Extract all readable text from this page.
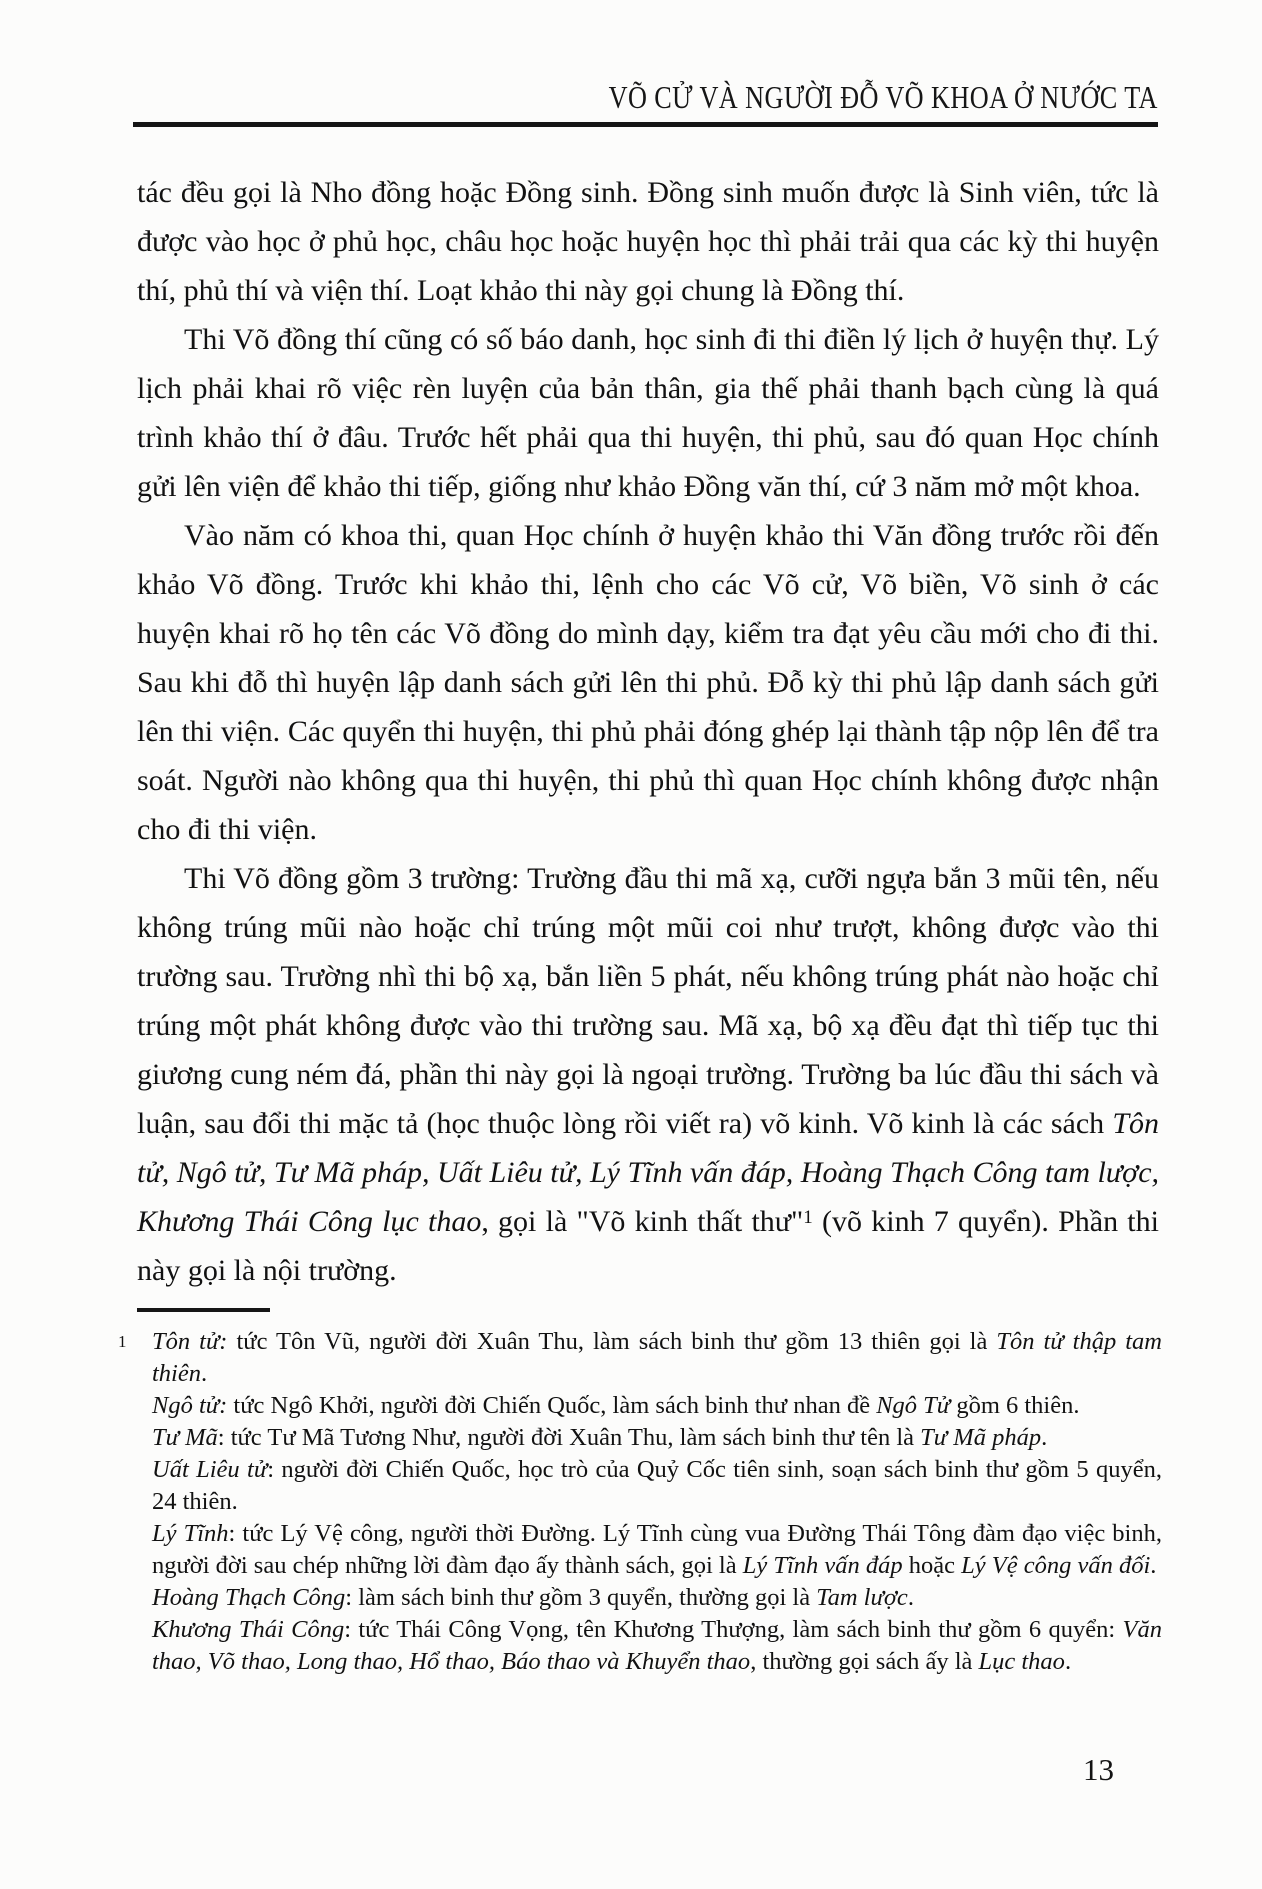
VÕ CỬ VÀ NGƯỜI ĐỖ VÕ KHOA Ở NƯỚC TA

tác đều gọi là Nho đồng hoặc Đồng sinh. Đồng sinh muốn được là Sinh viên, tức là được vào học ở phủ học, châu học hoặc huyện học thì phải trải qua các kỳ thi huyện thí, phủ thí và viện thí. Loạt khảo thi này gọi chung là Đồng thí.

Thi Võ đồng thí cũng có số báo danh, học sinh đi thi điền lý lịch ở huyện thự. Lý lịch phải khai rõ việc rèn luyện của bản thân, gia thế phải thanh bạch cùng là quá trình khảo thí ở đâu. Trước hết phải qua thi huyện, thi phủ, sau đó quan Học chính gửi lên viện để khảo thi tiếp, giống như khảo Đồng văn thí, cứ 3 năm mở một khoa.

Vào năm có khoa thi, quan Học chính ở huyện khảo thi Văn đồng trước rồi đến khảo Võ đồng. Trước khi khảo thi, lệnh cho các Võ cử, Võ biền, Võ sinh ở các huyện khai rõ họ tên các Võ đồng do mình dạy, kiểm tra đạt yêu cầu mới cho đi thi. Sau khi đỗ thì huyện lập danh sách gửi lên thi phủ. Đỗ kỳ thi phủ lập danh sách gửi lên thi viện. Các quyển thi huyện, thi phủ phải đóng ghép lại thành tập nộp lên để tra soát. Người nào không qua thi huyện, thi phủ thì quan Học chính không được nhận cho đi thi viện.

Thi Võ đồng gồm 3 trường: Trường đầu thi mã xạ, cưỡi ngựa bắn 3 mũi tên, nếu không trúng mũi nào hoặc chỉ trúng một mũi coi như trượt, không được vào thi trường sau. Trường nhì thi bộ xạ, bắn liền 5 phát, nếu không trúng phát nào hoặc chỉ trúng một phát không được vào thi trường sau. Mã xạ, bộ xạ đều đạt thì tiếp tục thi giương cung ném đá, phần thi này gọi là ngoại trường. Trường ba lúc đầu thi sách và luận, sau đổi thi mặc tả (học thuộc lòng rồi viết ra) võ kinh. Võ kinh là các sách Tôn tử, Ngô tử, Tư Mã pháp, Uất Liêu tử, Lý Tĩnh vấn đáp, Hoàng Thạch Công tam lược, Khương Thái Công lục thao, gọi là "Võ kinh thất thư"$^1$ (võ kinh 7 quyển). Phần thi này gọi là nội trường.

1 Tôn tử: tức Tôn Vũ, người đời Xuân Thu, làm sách binh thư gồm 13 thiên gọi là Tôn tử thập tam thiên.
Ngô tử: tức Ngô Khởi, người đời Chiến Quốc, làm sách binh thư nhan đề Ngô Tử gồm 6 thiên.
Tư Mã: tức Tư Mã Tương Như, người đời Xuân Thu, làm sách binh thư tên là Tư Mã pháp.
Uất Liêu tử: người đời Chiến Quốc, học trò của Quỷ Cốc tiên sinh, soạn sách binh thư gồm 5 quyển, 24 thiên.
Lý Tĩnh: tức Lý Vệ công, người thời Đường. Lý Tĩnh cùng vua Đường Thái Tông đàm đạo việc binh, người đời sau chép những lời đàm đạo ấy thành sách, gọi là Lý Tĩnh vấn đáp hoặc Lý Vệ công vấn đối.
Hoàng Thạch Công: làm sách binh thư gồm 3 quyển, thường gọi là Tam lược.
Khương Thái Công: tức Thái Công Vọng, tên Khương Thượng, làm sách binh thư gồm 6 quyển: Văn thao, Võ thao, Long thao, Hổ thao, Báo thao và Khuyển thao, thường gọi sách ấy là Lục thao.
13
